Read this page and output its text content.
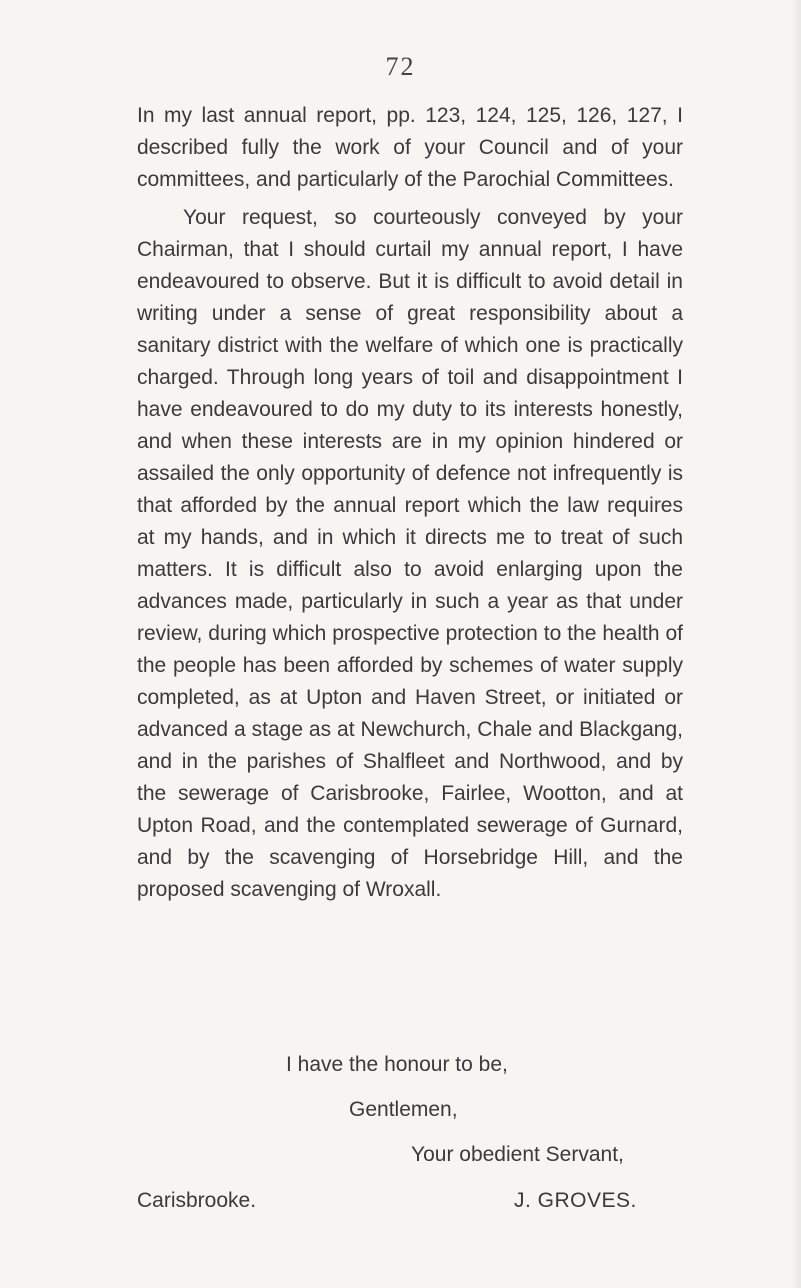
72

In my last annual report, pp. 123, 124, 125, 126, 127, I described fully the work of your Council and of your committees, and particularly of the Parochial Committees.

Your request, so courteously conveyed by your Chairman, that I should curtail my annual report, I have endeavoured to observe. But it is difficult to avoid detail in writing under a sense of great responsibility about a sanitary district with the welfare of which one is practically charged. Through long years of toil and disappointment I have endeavoured to do my duty to its interests honestly, and when these interests are in my opinion hindered or assailed the only opportunity of defence not infrequently is that afforded by the annual report which the law requires at my hands, and in which it directs me to treat of such matters. It is difficult also to avoid enlarging upon the advances made, particularly in such a year as that under review, during which prospective protection to the health of the people has been afforded by schemes of water supply completed, as at Upton and Haven Street, or initiated or advanced a stage as at Newchurch, Chale and Blackgang, and in the parishes of Shalfleet and Northwood, and by the sewerage of Carisbrooke, Fairlee, Wootton, and at Upton Road, and the contemplated sewerage of Gurnard, and by the scavenging of Horsebridge Hill, and the proposed scavenging of Wroxall.

I have the honour to be,
Gentlemen,
Your obedient Servant,
Carisbrooke.	J. GROVES.
